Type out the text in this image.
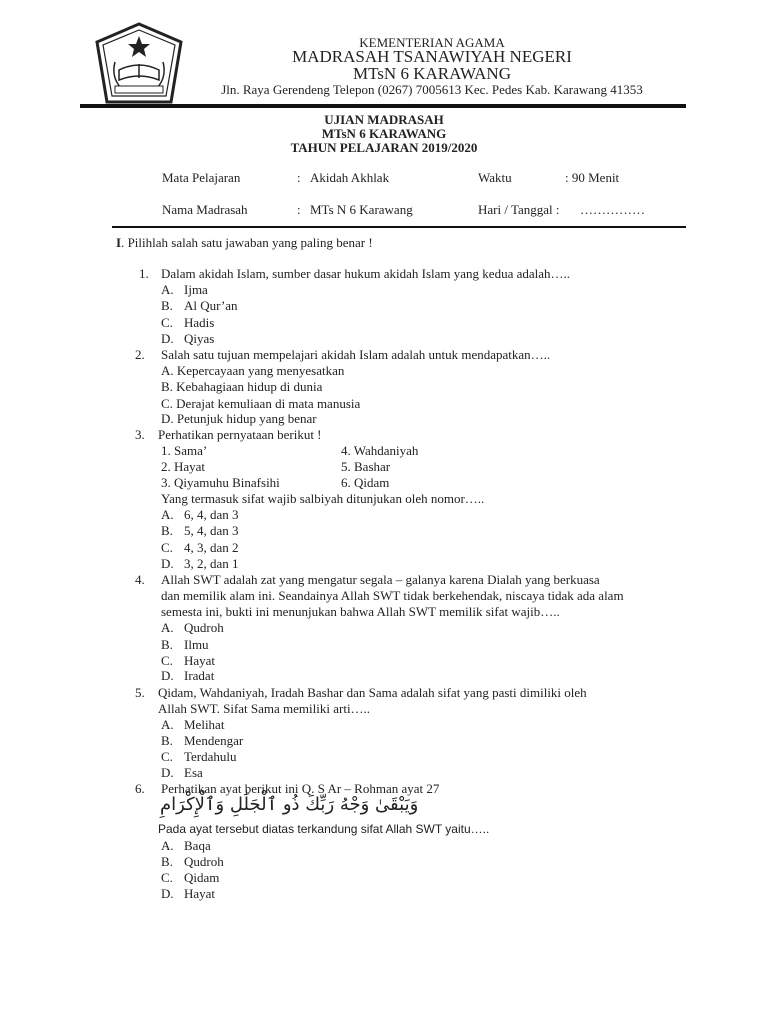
KEMENTERIAN AGAMA
MADRASAH TSANAWIYAH NEGERI
MTsN 6 KARAWANG
Jln. Raya Gerendeng Telepon (0267) 7005613 Kec. Pedes Kab. Karawang 41353
UJIAN MADRASAH
MTsN 6 KARAWANG
TAHUN PELAJARAN 2019/2020
Mata Pelajaran	: Akidah Akhlak	Waktu	: 90 Menit
Nama Madrasah	: MTs N 6 Karawang	Hari / Tanggal : ……………
I. Pilihlah salah satu jawaban yang paling benar !
1. Dalam akidah Islam, sumber dasar hukum akidah Islam yang kedua adalah…..
A. Ijma
B. Al Qur’an
C. Hadis
D. Qiyas
2. Salah satu tujuan mempelajari akidah Islam adalah untuk mendapatkan…..
A. Kepercayaan yang menyesatkan
B. Kebahagiaan hidup di dunia
C. Derajat kemuliaan di mata manusia
D. Petunjuk hidup yang benar
3. Perhatikan pernyataan berikut !
1. Sama’	4. Wahdaniyah
2. Hayat	5. Bashar
3. Qiyamuhu Binafsihi	6. Qidam
Yang termasuk sifat wajib salbiyah ditunjukan oleh nomor…..
A. 6, 4, dan 3
B. 5, 4, dan 3
C. 4, 3, dan 2
D. 3, 2, dan 1
4. Allah SWT adalah zat yang mengatur segala – galanya karena Dialah yang berkuasa
dan memilik alam ini. Seandainya Allah SWT tidak berkehendak, niscaya tidak ada alam
semesta ini, bukti ini menunjukan bahwa Allah SWT memilik sifat wajib…..
A. Qudroh
B. Ilmu
C. Hayat
D. Iradat
5. Qidam, Wahdaniyah, Iradah Bashar dan Sama adalah sifat yang pasti dimiliki oleh
Allah SWT. Sifat Sama memiliki arti…..
A. Melihat
B. Mendengar
C. Terdahulu
D. Esa
6. Perhatikan ayat berikut ini Q. S Ar – Rohman ayat 27
وَيَبْقَىٰ وَجْهُ رَبِّكَ ذُو ٱلْجَلَٰلِ وَٱلْإِكْرَامِ
Pada ayat tersebut diatas terkandung sifat Allah SWT yaitu…..
A. Baqa
B. Qudroh
C. Qidam
D. Hayat
